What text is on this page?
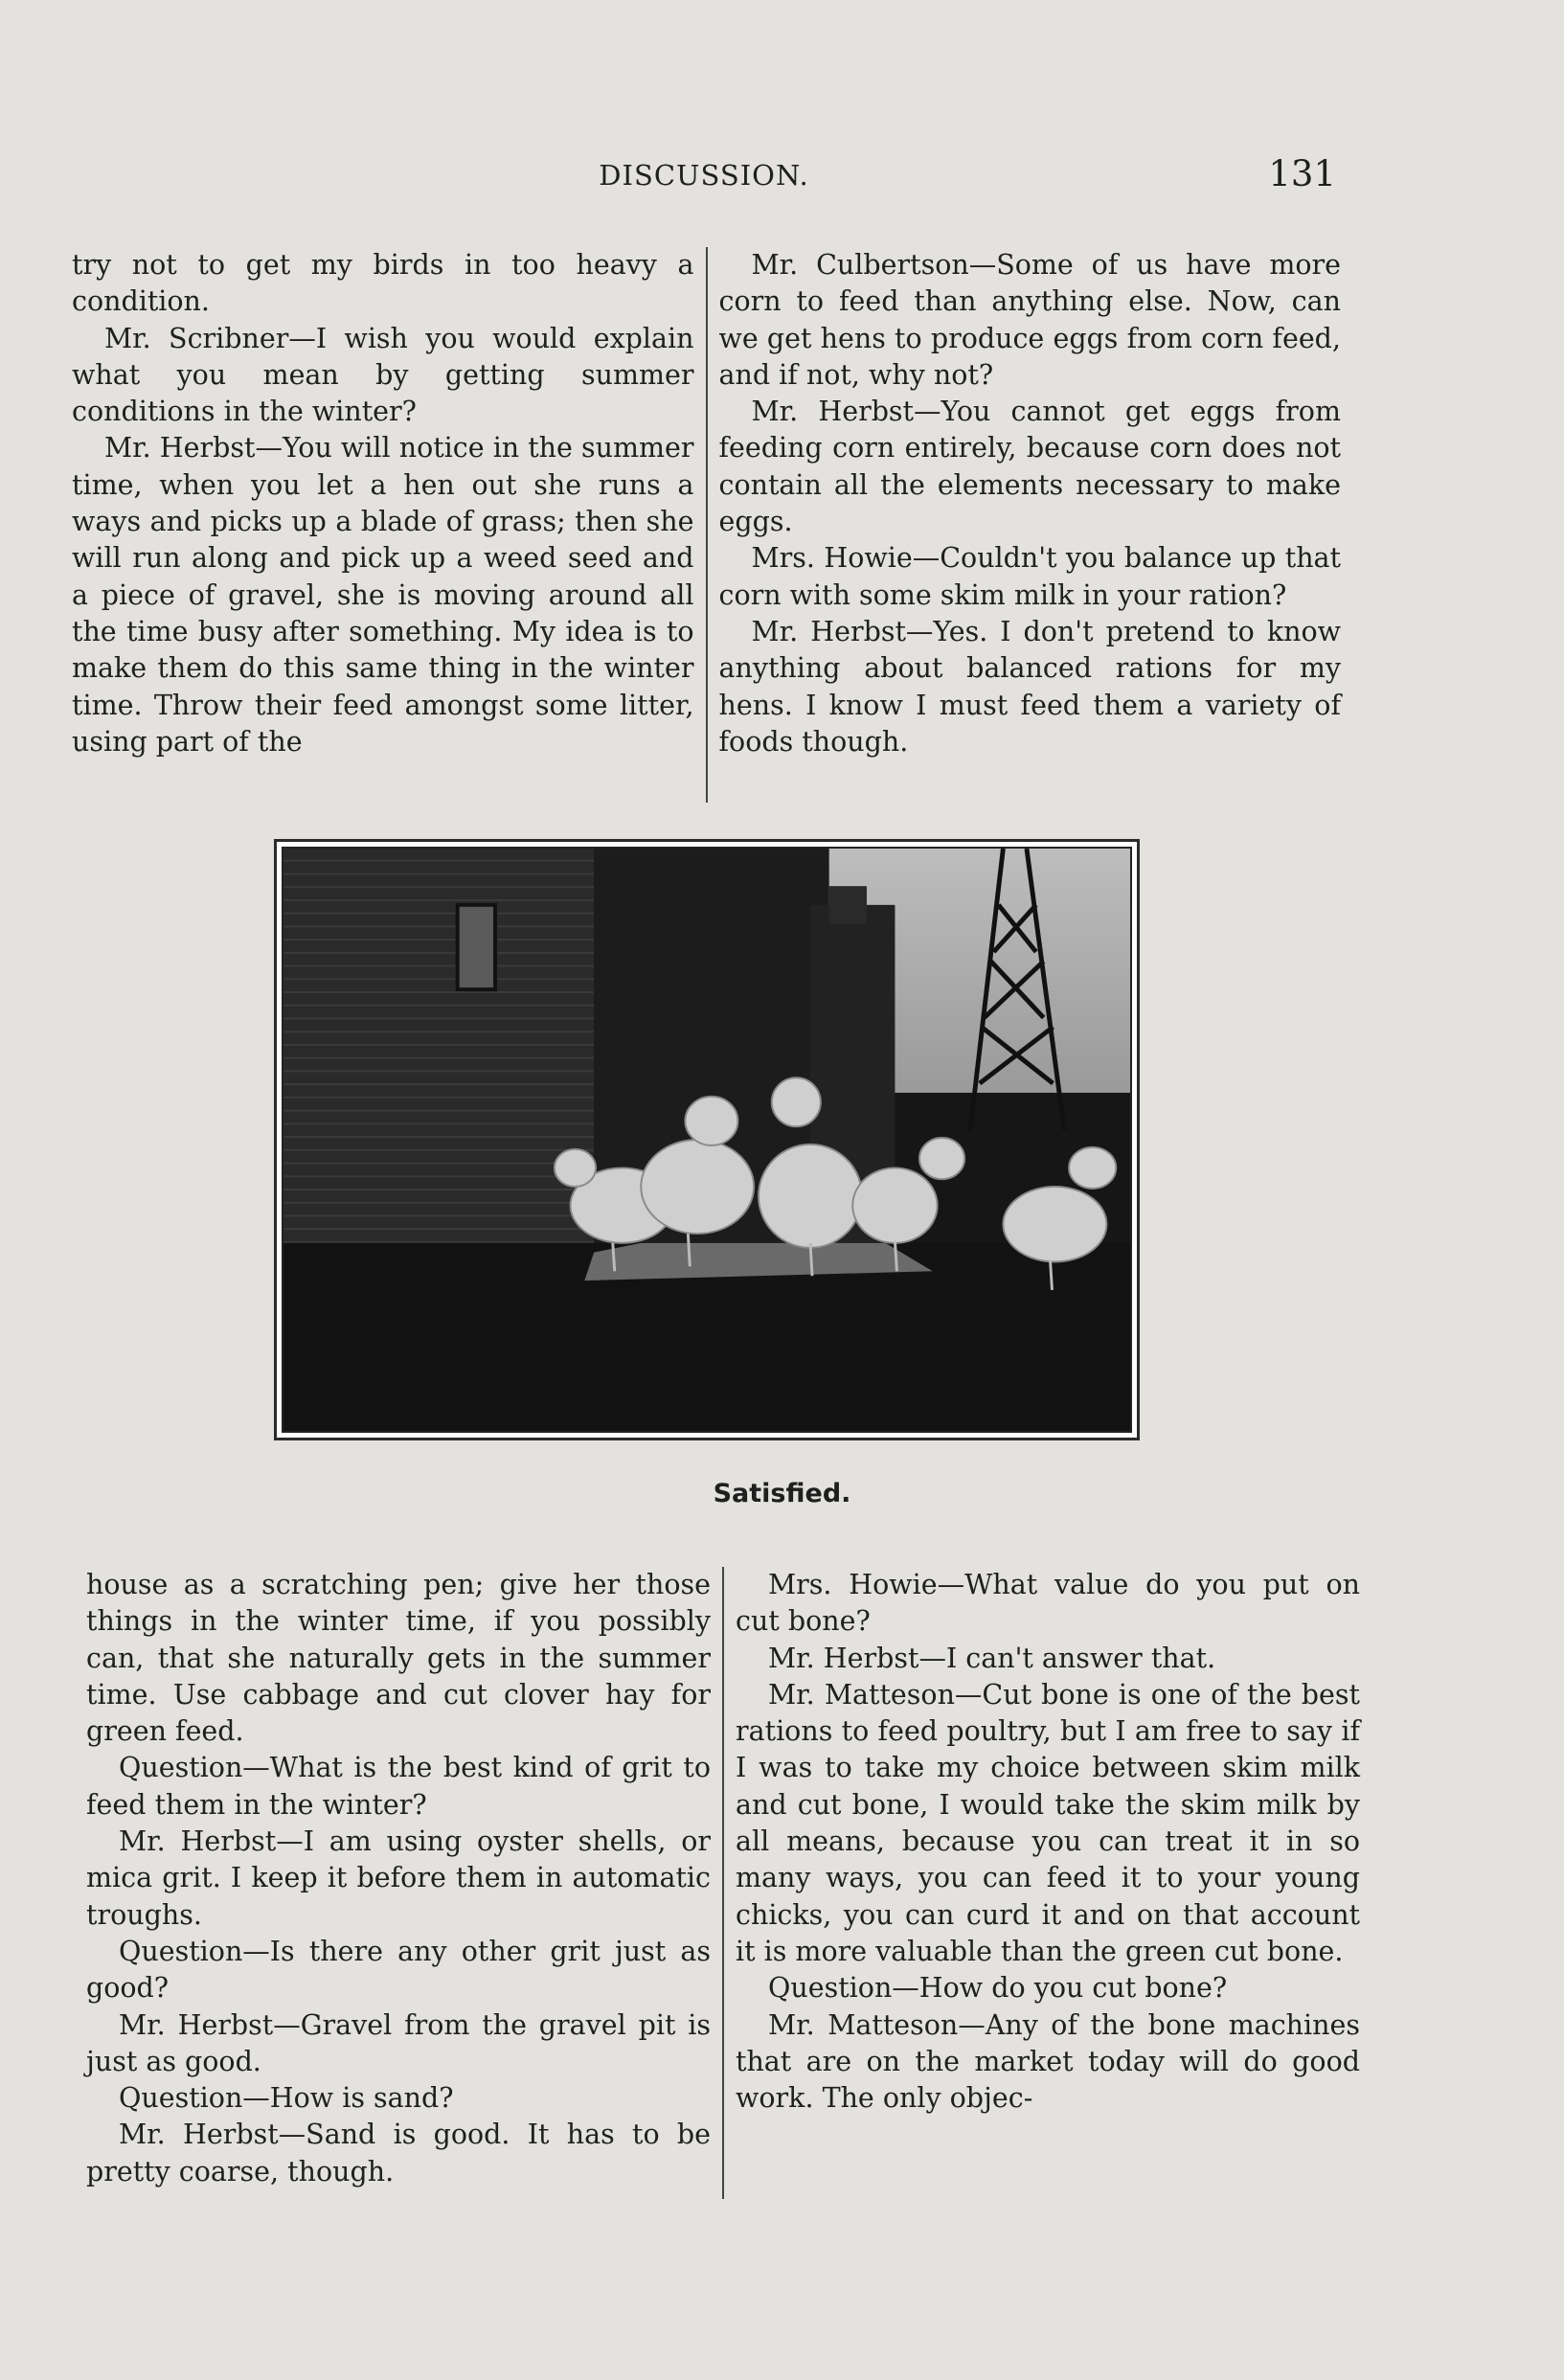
DISCUSSION.	131

try not to get my birds in too heavy a condition.

Mr. Scribner—I wish you would explain what you mean by getting summer conditions in the winter?

Mr. Herbst—You will notice in the summer time, when you let a hen out she runs a ways and picks up a blade of grass; then she will run along and pick up a weed seed and a piece of gravel, she is moving around all the time busy after something. My idea is to make them do this same thing in the winter time. Throw their feed amongst some litter, using part of the

Mr. Culbertson—Some of us have more corn to feed than anything else. Now, can we get hens to produce eggs from corn feed, and if not, why not?

Mr. Herbst—You cannot get eggs from feeding corn entirely, because corn does not contain all the elements necessary to make eggs.

Mrs. Howie—Couldn't you balance up that corn with some skim milk in your ration?

Mr. Herbst—Yes. I don't pretend to know anything about balanced rations for my hens. I know I must feed them a variety of foods though.

Satisfied.

house as a scratching pen; give her those things in the winter time, if you possibly can, that she naturally gets in the summer time. Use cabbage and cut clover hay for green feed.

Question—What is the best kind of grit to feed them in the winter?

Mr. Herbst—I am using oyster shells, or mica grit. I keep it before them in automatic troughs.

Question—Is there any other grit just as good?

Mr. Herbst—Gravel from the gravel pit is just as good.

Question—How is sand?

Mr. Herbst—Sand is good. It has to be pretty coarse, though.

Mrs. Howie—What value do you put on cut bone?

Mr. Herbst—I can't answer that.

Mr. Matteson—Cut bone is one of the best rations to feed poultry, but I am free to say if I was to take my choice between skim milk and cut bone, I would take the skim milk by all means, because you can treat it in so many ways, you can feed it to your young chicks, you can curd it and on that account it is more valuable than the green cut bone.

Question—How do you cut bone?

Mr. Matteson—Any of the bone machines that are on the market today will do good work. The only objec-
